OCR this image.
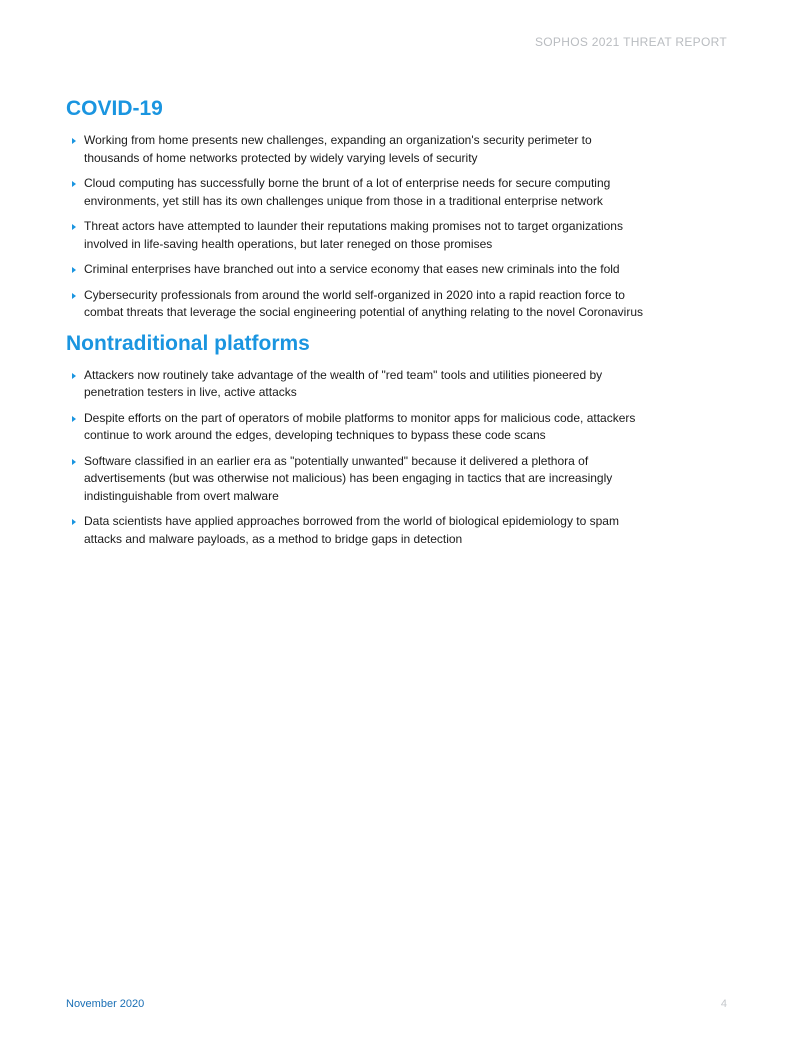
SOPHOS 2021 THREAT REPORT
COVID-19
Working from home presents new challenges, expanding an organization's security perimeter to thousands of home networks protected by widely varying levels of security
Cloud computing has successfully borne the brunt of a lot of enterprise needs for secure computing environments, yet still has its own challenges unique from those in a traditional enterprise network
Threat actors have attempted to launder their reputations making promises not to target organizations involved in life-saving health operations, but later reneged on those promises
Criminal enterprises have branched out into a service economy that eases new criminals into the fold
Cybersecurity professionals from around the world self-organized in 2020 into a rapid reaction force to combat threats that leverage the social engineering potential of anything relating to the novel Coronavirus
Nontraditional platforms
Attackers now routinely take advantage of the wealth of "red team" tools and utilities pioneered by penetration testers in live, active attacks
Despite efforts on the part of operators of mobile platforms to monitor apps for malicious code, attackers continue to work around the edges, developing techniques to bypass these code scans
Software classified in an earlier era as "potentially unwanted" because it delivered a plethora of advertisements (but was otherwise not malicious) has been engaging in tactics that are increasingly indistinguishable from overt malware
Data scientists have applied approaches borrowed from the world of biological epidemiology to spam attacks and malware payloads, as a method to bridge gaps in detection
November 2020	4
